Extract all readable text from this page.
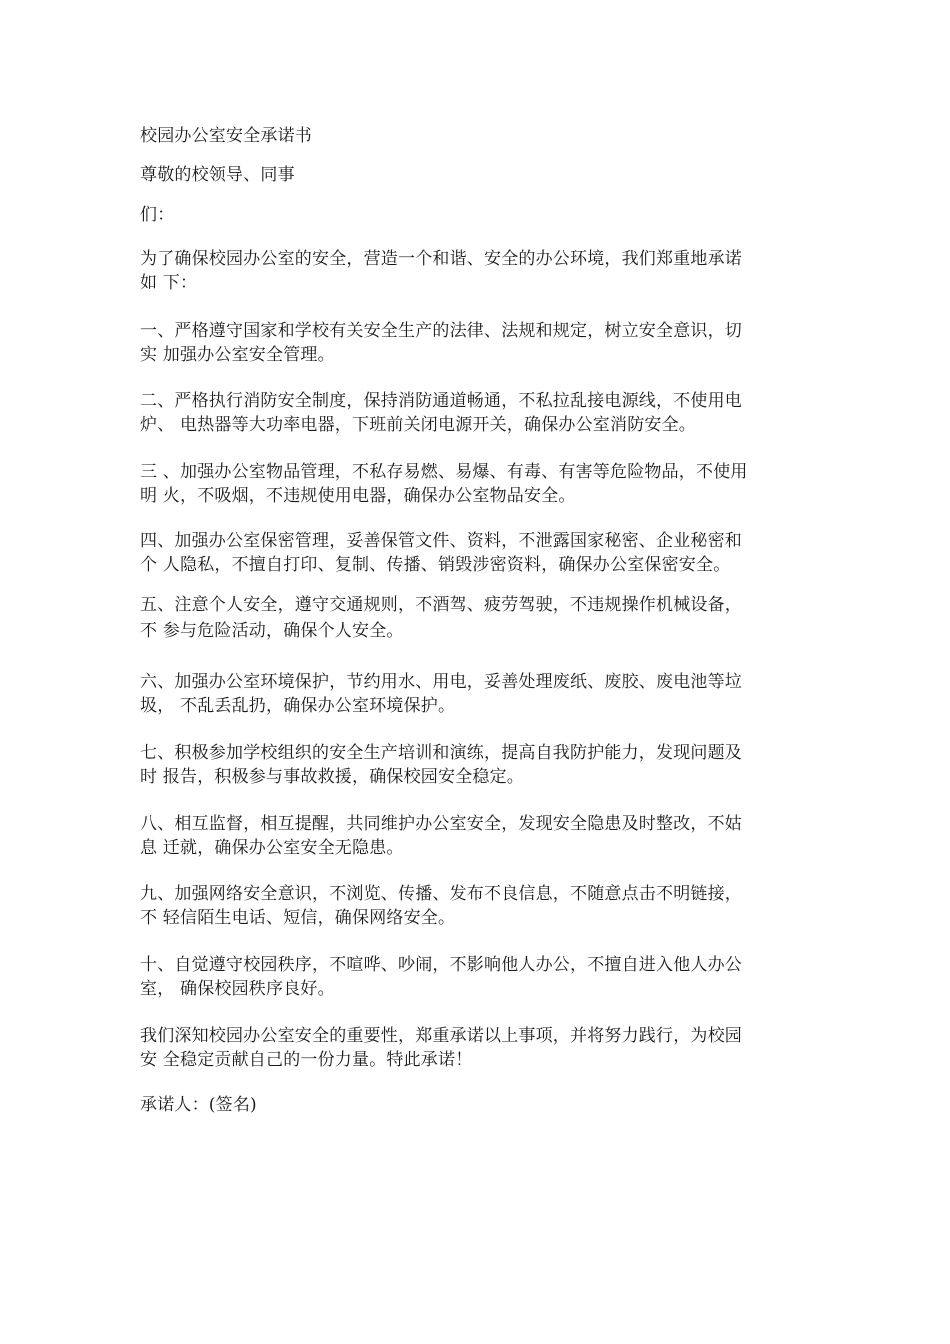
校园办公室安全承诺书

尊敬的校领导、同事

们：

为了确保校园办公室的安全，营造一个和谐、安全的办公环境，我们郑重地承诺

如 下：

一、严格遵守国家和学校有关安全生产的法律、法规和规定，树立安全意识，切

实 加强办公室安全管理。

二、严格执行消防安全制度，保持消防通道畅通，不私拉乱接电源线，不使用电

炉、 电热器等大功率电器，下班前关闭电源开关，确保办公室消防安全。

三 、加强办公室物品管理，不私存易燃、易爆、有毒、有害等危险物品，不使用

明 火，不吸烟，不违规使用电器，确保办公室物品安全。

四、加强办公室保密管理，妥善保管文件、资料，不泄露国家秘密、企业秘密和

个 人隐私，不擅自打印、复制、传播、销毁涉密资料，确保办公室保密安全。

五、注意个人安全，遵守交通规则，不酒驾、疲劳驾驶，不违规操作机械设备，

不 参与危险活动，确保个人安全。

六、加强办公室环境保护，节约用水、用电，妥善处理废纸、废胶、废电池等垃

圾， 不乱丢乱扔，确保办公室环境保护。

七、积极参加学校组织的安全生产培训和演练，提高自我防护能力，发现问题及

时 报告，积极参与事故救援，确保校园安全稳定。

八、相互监督，相互提醒，共同维护办公室安全，发现安全隐患及时整改，不姑

息 迁就，确保办公室安全无隐患。

九、加强网络安全意识，不浏览、传播、发布不良信息，不随意点击不明链接，

不 轻信陌生电话、短信，确保网络安全。

十、自觉遵守校园秩序，不喧哗、吵闹，不影响他人办公，不擅自进入他人办公

室， 确保校园秩序良好。

我们深知校园办公室安全的重要性，郑重承诺以上事项，并将努力践行，为校园

安 全稳定贡献自己的一份力量。特此承诺！

承诺人：(签名)
